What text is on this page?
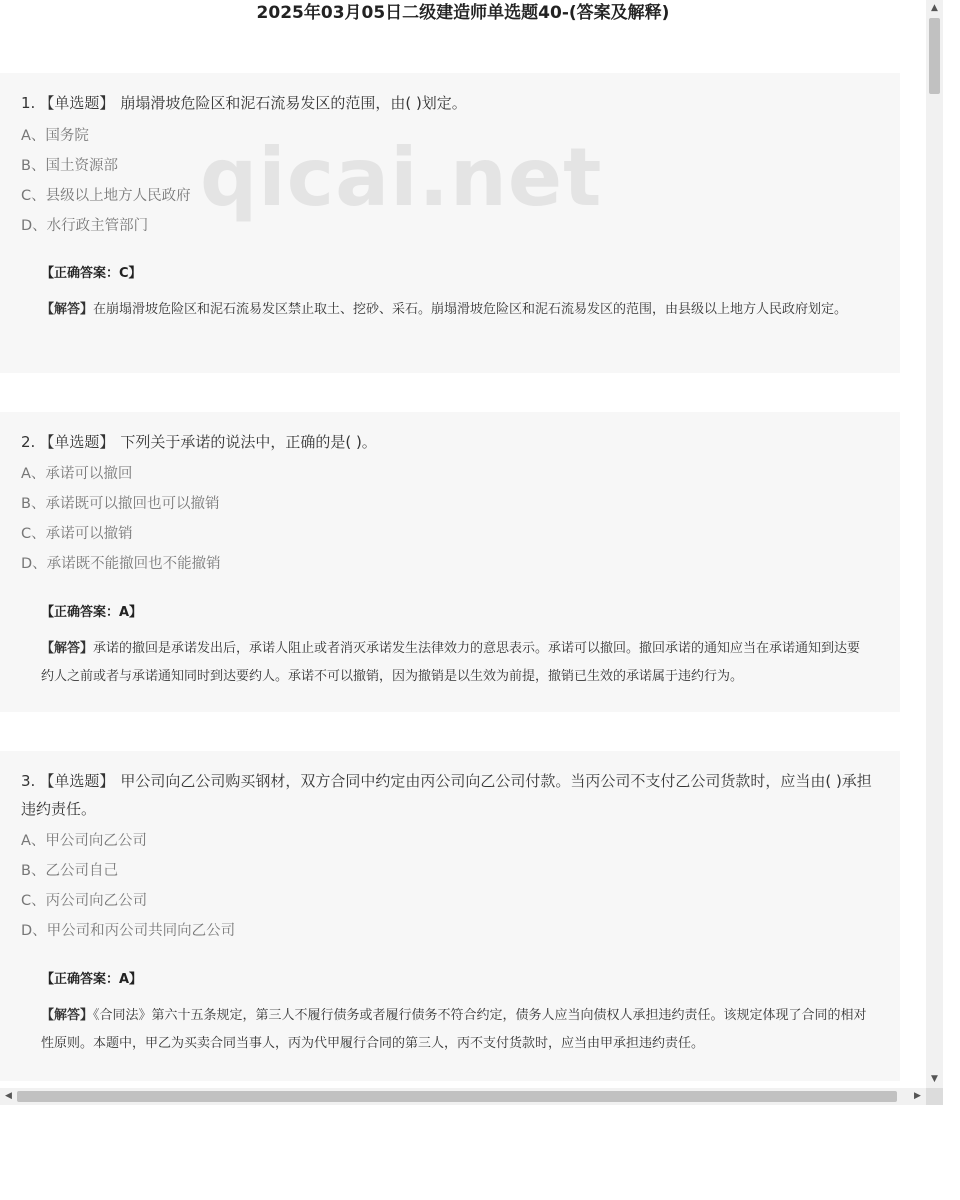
2025年03月05日二级建造师单选题40-(答案及解释)
qicai.net
1. 【单选题】 崩塌滑坡危险区和泥石流易发区的范围，由( )划定。
A、国务院
B、国土资源部
C、县级以上地方人民政府
D、水行政主管部门
【正确答案：C】
【解答】在崩塌滑坡危险区和泥石流易发区禁止取土、挖砂、采石。崩塌滑坡危险区和泥石流易发区的范围，由县级以上地方人民政府划定。
2. 【单选题】 下列关于承诺的说法中，正确的是( )。
A、承诺可以撤回
B、承诺既可以撤回也可以撤销
C、承诺可以撤销
D、承诺既不能撤回也不能撤销
【正确答案：A】
【解答】承诺的撤回是承诺发出后，承诺人阻止或者消灭承诺发生法律效力的意思表示。承诺可以撤回。撤回承诺的通知应当在承诺通知到达要约人之前或者与承诺通知同时到达要约人。承诺不可以撤销，因为撤销是以生效为前提，撤销已生效的承诺属于违约行为。
3. 【单选题】 甲公司向乙公司购买钢材，双方合同中约定由丙公司向乙公司付款。当丙公司不支付乙公司货款时，应当由( )承担违约责任。
A、甲公司向乙公司
B、乙公司自己
C、丙公司向乙公司
D、甲公司和丙公司共同向乙公司
【正确答案：A】
【解答】《合同法》第六十五条规定，第三人不履行债务或者履行债务不符合约定，债务人应当向债权人承担违约责任。该规定体现了合同的相对性原则。本题中，甲乙为买卖合同当事人，丙为代甲履行合同的第三人，丙不支付货款时，应当由甲承担违约责任。
▲
▼
◀	▶
